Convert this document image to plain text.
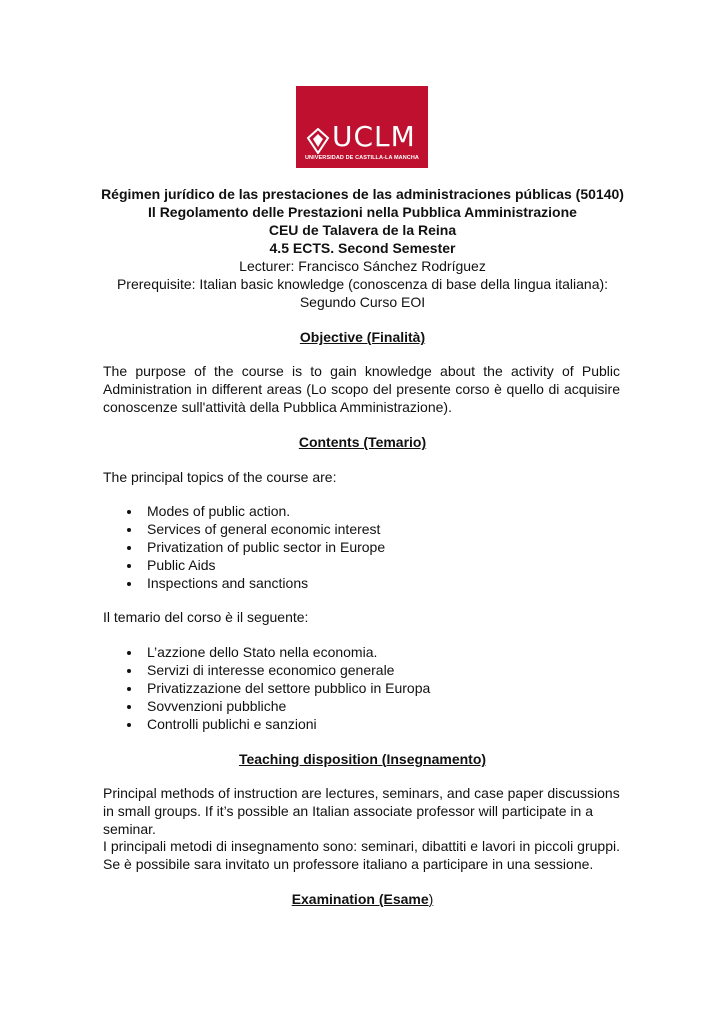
UCLM
UNIVERSIDAD DE CASTILLA-LA MANCHA
Régimen jurídico de las prestaciones de las administraciones públicas (50140)
Il Regolamento delle Prestazioni nella Pubblica Amministrazione
CEU de Talavera de la Reina
4.5 ECTS. Second Semester
Lecturer: Francisco Sánchez Rodríguez
Prerequisite: Italian basic knowledge (conoscenza di base della lingua italiana):
Segundo Curso EOI
Objective (Finalità)
The purpose of the course is to gain knowledge about the activity of Public Administration in different areas (Lo scopo del presente corso è quello di acquisire conoscenze sull'attività della Pubblica Amministrazione).
Contents (Temario)
The principal topics of the course are:
Modes of public action.
Services of general economic interest
Privatization of public sector in Europe
Public Aids
Inspections and sanctions
Il temario del corso è il seguente:
L’azzione dello Stato nella economia.
Servizi di interesse economico generale
Privatizzazione del settore pubblico in Europa
Sovvenzioni pubbliche
Controlli publichi e sanzioni
Teaching disposition (Insegnamento)
Principal methods of instruction are lectures, seminars, and case paper discussions in small groups. If it’s possible an Italian associate professor will participate in a seminar.
I principali metodi di insegnamento sono: seminari, dibattiti e lavori in piccoli gruppi. Se è possibile sara invitato un professore italiano a participare in una sessione.
Examination (Esame)
